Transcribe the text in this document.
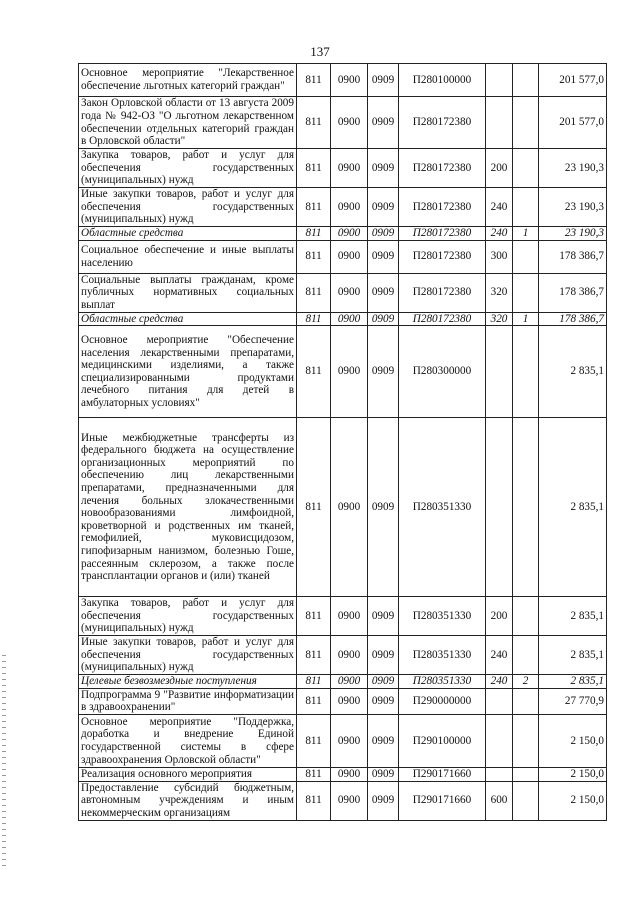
137
Основное мероприятие "Лекарственное обеспечение льготных категорий граждан"	811	0900	0909	П280100000			201 577,0
Закон Орловской области от 13 августа 2009 года № 942-ОЗ "О льготном лекарственном обеспечении отдельных категорий граждан в Орловской области"	811	0900	0909	П280172380			201 577,0
Закупка товаров, работ и услуг для обеспечения государственных (муниципальных) нужд	811	0900	0909	П280172380	200		23 190,3
Иные закупки товаров, работ и услуг для обеспечения государственных (муниципальных) нужд	811	0900	0909	П280172380	240		23 190,3
Областные средства	811	0900	0909	П280172380	240	1	23 190,3
Социальное обеспечение и иные выплаты населению	811	0900	0909	П280172380	300		178 386,7
Социальные выплаты гражданам, кроме публичных нормативных социальных выплат	811	0900	0909	П280172380	320		178 386,7
Областные средства	811	0900	0909	П280172380	320	1	178 386,7
Основное мероприятие "Обеспечение населения лекарственными препаратами, медицинскими изделиями, а также специализированными продуктами лечебного питания для детей в амбулаторных условиях"	811	0900	0909	П280300000			2 835,1
Иные межбюджетные трансферты из федерального бюджета на осуществление организационных мероприятий по обеспечению лиц лекарственными препаратами, предназначенными для лечения больных злокачественными новообразованиями лимфоидной, кроветворной и родственных им тканей, гемофилией, муковисцидозом, гипофизарным нанизмом, болезнью Гоше, рассеянным склерозом, а также после трансплантации органов и (или) тканей	811	0900	0909	П280351330			2 835,1
Закупка товаров, работ и услуг для обеспечения государственных (муниципальных) нужд	811	0900	0909	П280351330	200		2 835,1
Иные закупки товаров, работ и услуг для обеспечения государственных (муниципальных) нужд	811	0900	0909	П280351330	240		2 835,1
Целевые безвозмездные поступления	811	0900	0909	П280351330	240	2	2 835,1
Подпрограмма 9 "Развитие информатизации в здравоохранении"	811	0900	0909	П290000000			27 770,9
Основное мероприятие "Поддержка, доработка и внедрение Единой государственной системы в сфере здравоохранения Орловской области"	811	0900	0909	П290100000			2 150,0
Реализация основного мероприятия	811	0900	0909	П290171660			2 150,0
Предоставление субсидий бюджетным, автономным учреждениям и иным некоммерческим организациям	811	0900	0909	П290171660	600		2 150,0
